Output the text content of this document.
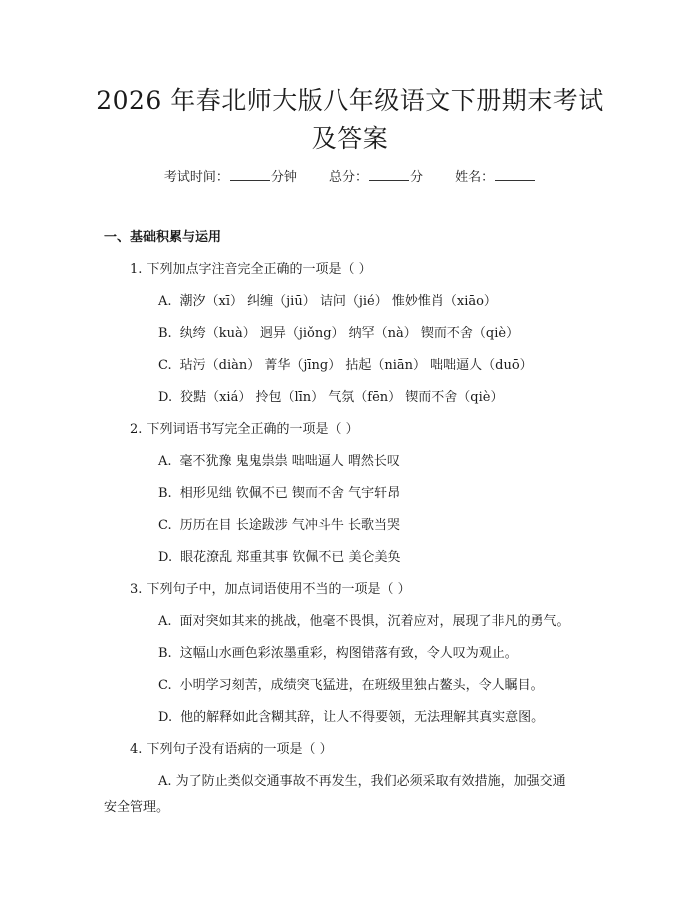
2026 年春北师大版八年级语文下册期末考试
及答案
考试时间：	分钟 总分：	分 姓名：
一、基础积累与运用
1. 下列加点字注音完全正确的一项是（ ）
A. 潮汐（xī） 纠缠（jiū） 诘问（jié） 惟妙惟肖（xiāo）
B. 纨绔（kuà） 迥异（jiǒng） 纳罕（nà） 锲而不舍（qiè）
C. 玷污（diàn） 菁华（jīng） 拈起（niān） 咄咄逼人（duō）
D. 狡黠（xiá） 拎包（līn） 气氛（fēn） 锲而不舍（qiè）
2. 下列词语书写完全正确的一项是（ ）
A. 毫不犹豫 鬼鬼祟祟 咄咄逼人 喟然长叹
B. 相形见绌 钦佩不已 锲而不舍 气宇轩昂
C. 历历在目 长途跋涉 气冲斗牛 长歌当哭
D. 眼花潦乱 郑重其事 钦佩不已 美仑美奂
3. 下列句子中，加点词语使用不当的一项是（ ）
A. 面对突如其来的挑战，他毫不畏惧，沉着应对，展现了非凡的勇气。
B. 这幅山水画色彩浓墨重彩，构图错落有致，令人叹为观止。
C. 小明学习刻苦，成绩突飞猛进，在班级里独占鳌头，令人瞩目。
D. 他的解释如此含糊其辞，让人不得要领，无法理解其真实意图。
4. 下列句子没有语病的一项是（ ）
A. 为了防止类似交通事故不再发生，我们必须采取有效措施，加强交通
安全管理。
